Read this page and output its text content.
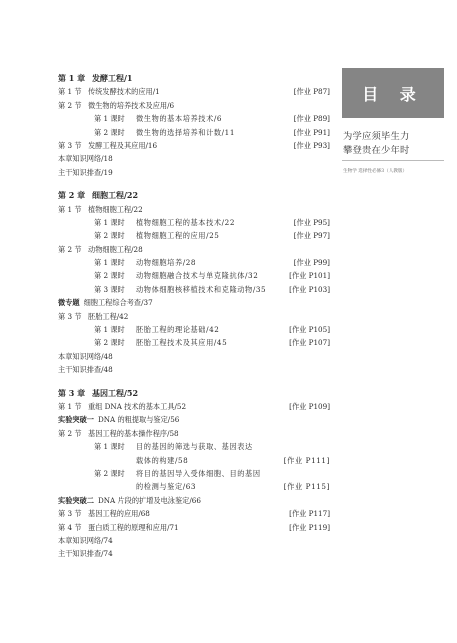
第 1 章 发酵工程/1
第 1 节 传统发酵技术的应用/1	[作业 P87]
第 2 节 微生物的培养技术及应用/6
第 1 课时 微生物的基本培养技术/6	[作业 P89]
第 2 课时 微生物的选择培养和计数/11	[作业 P91]
第 3 节 发酵工程及其应用/16	[作业 P93]
本章知识网络/18
主干知识排查/19
第 2 章 细胞工程/22
第 1 节 植物细胞工程/22
第 1 课时 植物细胞工程的基本技术/22	[作业 P95]
第 2 课时 植物细胞工程的应用/25	[作业 P97]
第 2 节 动物细胞工程/28
第 1 课时 动物细胞培养/28	[作业 P99]
第 2 课时 动物细胞融合技术与单克隆抗体/32	[作业 P101]
第 3 课时 动物体细胞核移植技术和克隆动物/35	[作业 P103]
微专题 细胞工程综合考查/37
第 3 节 胚胎工程/42
第 1 课时 胚胎工程的理论基础/42	[作业 P105]
第 2 课时 胚胎工程技术及其应用/45	[作业 P107]
本章知识网络/48
主干知识排查/48
第 3 章 基因工程/52
第 1 节 重组 DNA 技术的基本工具/52	[作业 P109]
实验突破一 DNA 的粗提取与鉴定/56
第 2 节 基因工程的基本操作程序/58
第 1 课时 目的基因的筛选与获取、基因表达
载体的构建/58	[作业 P111]
第 2 课时 将目的基因导入受体细胞、目的基因
的检测与鉴定/63	[作业 P115]
实验突破二 DNA 片段的扩增及电泳鉴定/66
第 3 节 基因工程的应用/68	[作业 P117]
第 4 节 蛋白质工程的原理和应用/71	[作业 P119]
本章知识网络/74
主干知识排查/74
目 录
为学应须毕生力
攀登贵在少年时
生物学 选择性必修3（人教版）
